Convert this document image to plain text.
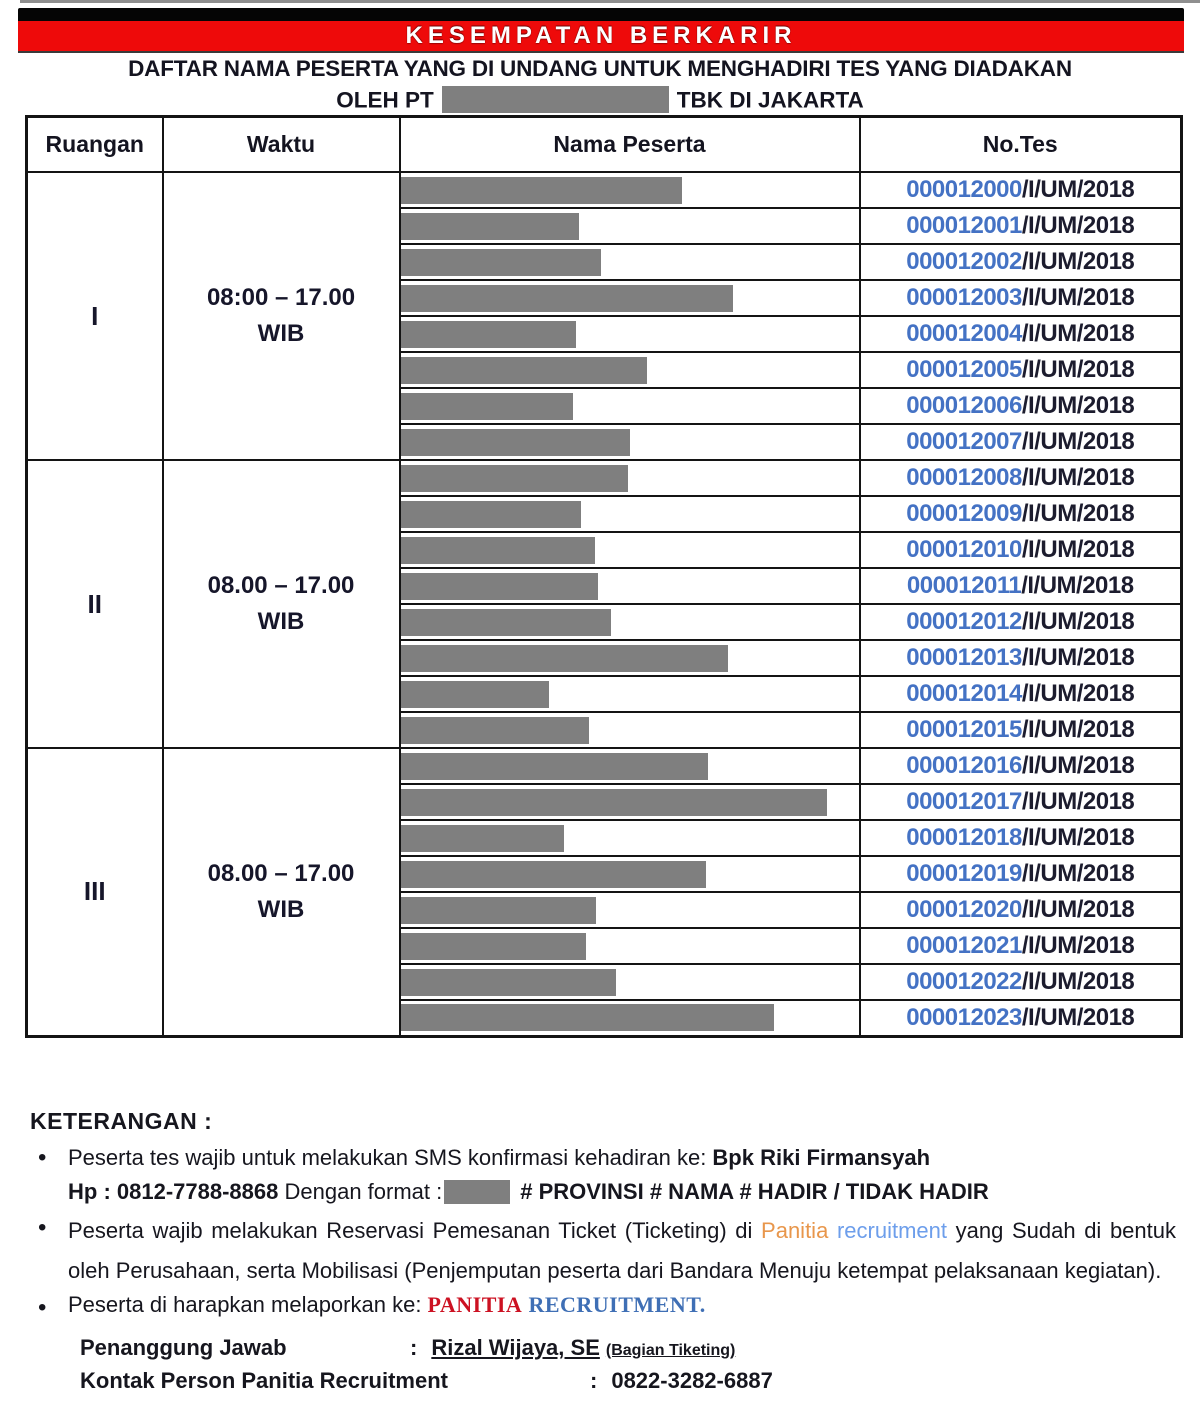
KESEMPATAN BERKARIR
DAFTAR NAMA PESERTA YANG DI UNDANG UNTUK MENGHADIRI TES YANG DIADAKAN
OLEH PT	TBK DI JAKARTA
Ruangan	Waktu	Nama Peserta	No.Tes
I	08:00 – 17.00
WIB		000012000/I/UM/2018

			000012001/I/UM/2018

			000012002/I/UM/2018

			000012003/I/UM/2018

			000012004/I/UM/2018

			000012005/I/UM/2018

			000012006/I/UM/2018

			000012007/I/UM/2018
II	08.00 – 17.00
WIB		000012008/I/UM/2018

			000012009/I/UM/2018

			000012010/I/UM/2018

			000012011/I/UM/2018

			000012012/I/UM/2018

			000012013/I/UM/2018

			000012014/I/UM/2018

			000012015/I/UM/2018
III	08.00 – 17.00
WIB		000012016/I/UM/2018

			000012017/I/UM/2018

			000012018/I/UM/2018

			000012019/I/UM/2018

			000012020/I/UM/2018

			000012021/I/UM/2018

			000012022/I/UM/2018

			000012023/I/UM/2018
KETERANGAN :
• Peserta tes wajib untuk melakukan SMS konfirmasi kehadiran ke: Bpk Riki Firmansyah
Hp : 0812-7788-8868 Dengan format :	# PROVINSI # NAMA # HADIR / TIDAK HADIR
• Peserta wajib melakukan Reservasi Pemesanan Ticket (Ticketing) di Panitia recruitment yang Sudah di bentuk oleh Perusahaan, serta Mobilisasi (Penjemputan peserta dari Bandara Menuju ketempat pelaksanaan kegiatan).
• Peserta di harapkan melaporkan ke: PANITIA RECRUITMENT.
Penanggung Jawab	: Rizal Wijaya, SE (Bagian Tiketing)
Kontak Person Panitia Recruitment	: 0822-3282-6887
